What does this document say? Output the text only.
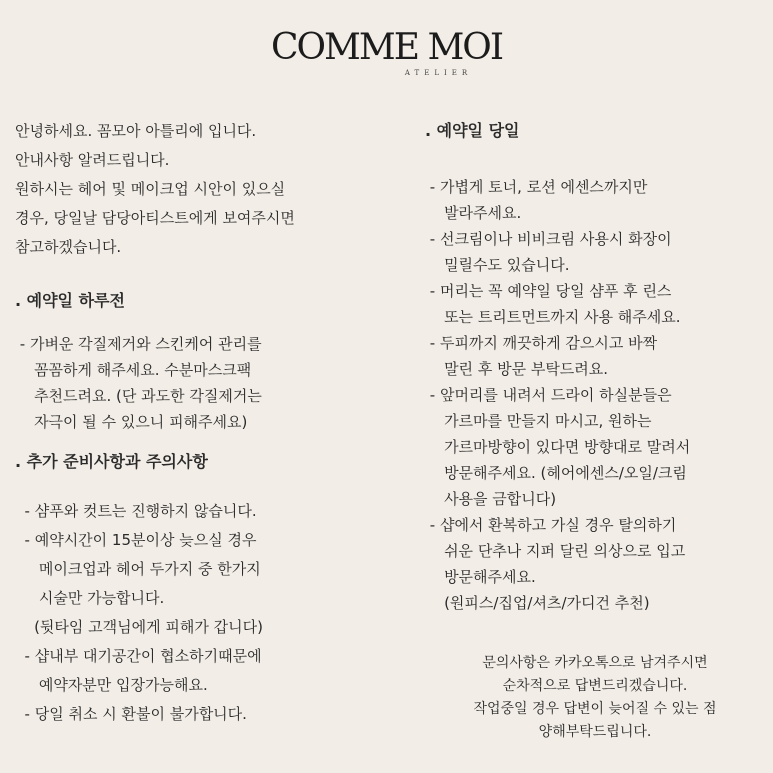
COMME MOI
ATELIER

안녕하세요. 꼼모아 아틀리에 입니다.

안내사항 알려드립니다.

원하시는 헤어 및 메이크업 시안이 있으실

경우, 당일날 담당아티스트에게 보여주시면

참고하겠습니다.

. 예약일 하루전

- 가벼운 각질제거와 스킨케어 관리를

꼼꼼하게 해주세요. 수분마스크팩

추천드려요. (단 과도한 각질제거는

자극이 될 수 있으니 피해주세요)

. 추가 준비사항과 주의사항

- 샴푸와 컷트는 진행하지 않습니다.

- 예약시간이 15분이상 늦으실 경우

메이크업과 헤어 두가지 중 한가지

시술만 가능합니다.

(뒷타임 고객님에게 피해가 갑니다)

- 샵내부 대기공간이 협소하기때문에

예약자분만 입장가능해요.

- 당일 취소 시 환불이 불가합니다.

. 예약일 당일

- 가볍게 토너, 로션 에센스까지만

발라주세요.

- 선크림이나 비비크림 사용시 화장이

밀릴수도 있습니다.

- 머리는 꼭 예약일 당일 샴푸 후 린스

또는 트리트먼트까지 사용 해주세요.

- 두피까지 깨끗하게 감으시고 바짝

말린 후 방문 부탁드려요.

- 앞머리를 내려서 드라이 하실분들은

가르마를 만들지 마시고, 원하는

가르마방향이 있다면 방향대로 말려서

방문해주세요. (헤어에센스/오일/크림

사용을 금합니다)

- 샵에서 환복하고 가실 경우 탈의하기

쉬운 단추나 지퍼 달린 의상으로 입고

방문해주세요.

(원피스/집업/셔츠/가디건 추천)

문의사항은 카카오톡으로 남겨주시면

순차적으로 답변드리겠습니다.

작업중일 경우 답변이 늦어질 수 있는 점

양해부탁드립니다.
